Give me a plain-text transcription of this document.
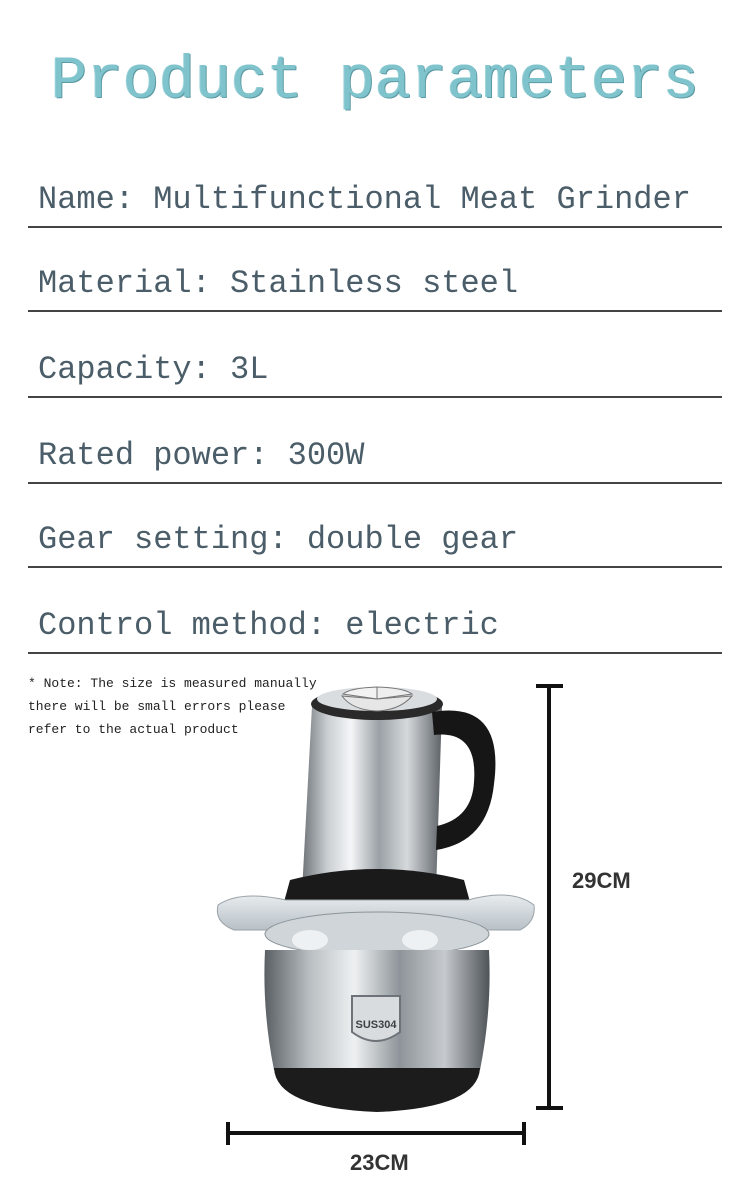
Product parameters
Name: Multifunctional Meat Grinder
Material: Stainless steel
Capacity: 3L
Rated power: 300W
Gear setting: double gear
Control method: electric
* Note: The size is measured manually
there will be small errors please
refer to the actual product
SUS304
29CM
23CM
